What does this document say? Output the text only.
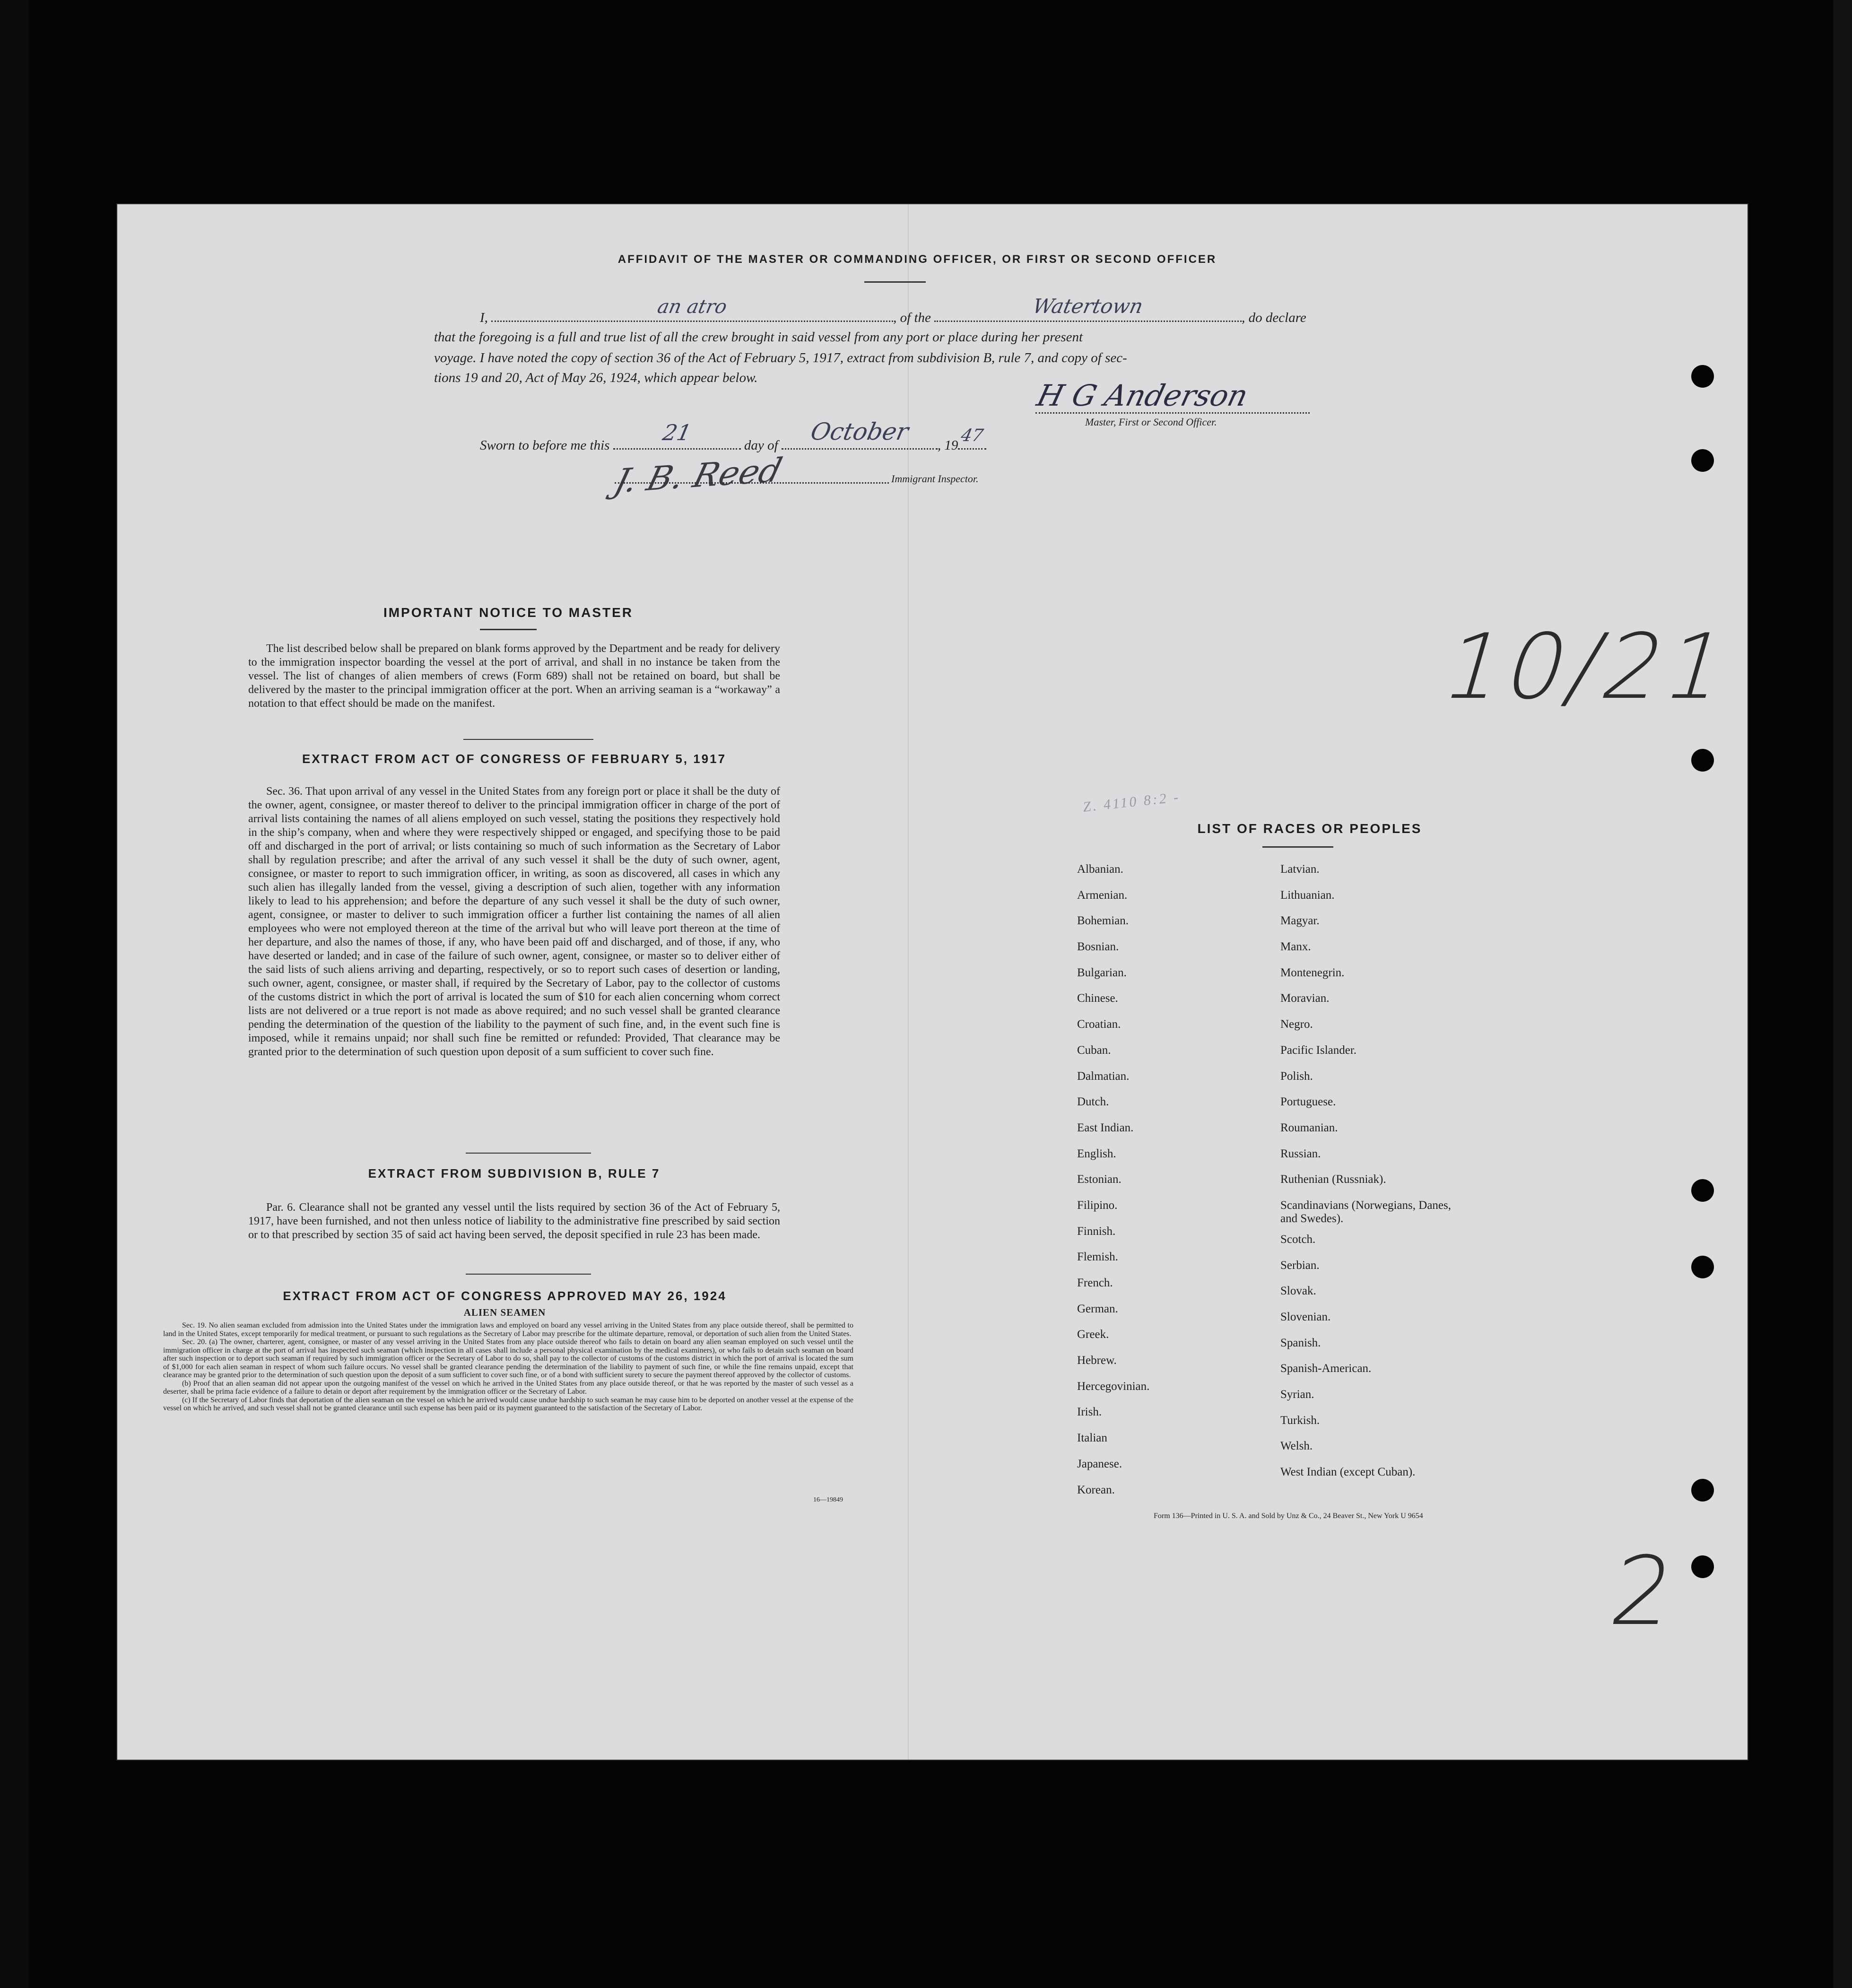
AFFIDAVIT OF THE MASTER OR COMMANDING OFFICER, OR FIRST OR SECOND OFFICER
I,	an atro	, of the	Watertown	, do declare
that the foregoing is a full and true list of all the crew brought in said vessel from any port or place during her present
voyage. I have noted the copy of section 36 of the Act of February 5, 1917, extract from subdivision B, rule 7, and copy of sec-
tions 19 and 20, Act of May 26, 1924, which appear below.
H G Anderson
Master, First or Second Officer.
Sworn to before me this	21	day of	October	, 19 47
J. B. Reed	Immigrant Inspector.
IMPORTANT NOTICE TO MASTER
The list described below shall be prepared on blank forms approved by the Department and be ready for delivery to the immigration inspector boarding the vessel at the port of arrival, and shall in no instance be taken from the vessel. The list of changes of alien members of crews (Form 689) shall not be retained on board, but shall be delivered by the master to the principal immigration officer at the port. When an arriving seaman is a “workaway” a notation to that effect should be made on the manifest.
EXTRACT FROM ACT OF CONGRESS OF FEBRUARY 5, 1917
Sec. 36. That upon arrival of any vessel in the United States from any foreign port or place it shall be the duty of the owner, agent, consignee, or master thereof to deliver to the principal immigration officer in charge of the port of arrival lists containing the names of all aliens employed on such vessel, stating the positions they respectively hold in the ship’s company, when and where they were respectively shipped or engaged, and specifying those to be paid off and discharged in the port of arrival; or lists containing so much of such information as the Secretary of Labor shall by regulation prescribe; and after the arrival of any such vessel it shall be the duty of such owner, agent, consignee, or master to report to such immigration officer, in writing, as soon as discovered, all cases in which any such alien has illegally landed from the vessel, giving a description of such alien, together with any information likely to lead to his apprehension; and before the departure of any such vessel it shall be the duty of such owner, agent, consignee, or master to deliver to such immigration officer a further list containing the names of all alien employees who were not employed thereon at the time of the arrival but who will leave port thereon at the time of her departure, and also the names of those, if any, who have been paid off and discharged, and of those, if any, who have deserted or landed; and in case of the failure of such owner, agent, consignee, or master so to deliver either of the said lists of such aliens arriving and departing, respectively, or so to report such cases of desertion or landing, such owner, agent, consignee, or master shall, if required by the Secretary of Labor, pay to the collector of customs of the customs district in which the port of arrival is located the sum of $10 for each alien concerning whom correct lists are not delivered or a true report is not made as above required; and no such vessel shall be granted clearance pending the determination of the question of the liability to the payment of such fine, and, in the event such fine is imposed, while it remains unpaid; nor shall such fine be remitted or refunded: Provided, That clearance may be granted prior to the determination of such question upon deposit of a sum sufficient to cover such fine.
EXTRACT FROM SUBDIVISION B, RULE 7
Par. 6. Clearance shall not be granted any vessel until the lists required by section 36 of the Act of February 5, 1917, have been furnished, and not then unless notice of liability to the administrative fine prescribed by said section or to that prescribed by section 35 of said act having been served, the deposit specified in rule 23 has been made.
EXTRACT FROM ACT OF CONGRESS APPROVED MAY 26, 1924
ALIEN SEAMEN

Sec. 19. No alien seaman excluded from admission into the United States under the immigration laws and employed on board any vessel arriving in the United States from any place outside thereof, shall be permitted to land in the United States, except temporarily for medical treatment, or pursuant to such regulations as the Secretary of Labor may prescribe for the ultimate departure, removal, or deportation of such alien from the United States.

Sec. 20. (a) The owner, charterer, agent, consignee, or master of any vessel arriving in the United States from any place outside thereof who fails to detain on board any alien seaman employed on such vessel until the immigration officer in charge at the port of arrival has inspected such seaman (which inspection in all cases shall include a personal physical examination by the medical examiners), or who fails to detain such seaman on board after such inspection or to deport such seaman if required by such immigration officer or the Secretary of Labor to do so, shall pay to the collector of customs of the customs district in which the port of arrival is located the sum of $1,000 for each alien seaman in respect of whom such failure occurs. No vessel shall be granted clearance pending the determination of the liability to payment of such fine, or while the fine remains unpaid, except that clearance may be granted prior to the determination of such question upon the deposit of a sum sufficient to cover such fine, or of a bond with sufficient surety to secure the payment thereof approved by the collector of customs.

(b) Proof that an alien seaman did not appear upon the outgoing manifest of the vessel on which he arrived in the United States from any place outside thereof, or that he was reported by the master of such vessel as a deserter, shall be prima facie evidence of a failure to detain or deport after requirement by the immigration officer or the Secretary of Labor.

(c) If the Secretary of Labor finds that deportation of the alien seaman on the vessel on which he arrived would cause undue hardship to such seaman he may cause him to be deported on another vessel at the expense of the vessel on which he arrived, and such vessel shall not be granted clearance until such expense has been paid or its payment guaranteed to the satisfaction of the Secretary of Labor.

16—19849
Z. 4110 8:2 -
LIST OF RACES OR PEOPLES
Albanian.
Armenian.
Bohemian.
Bosnian.
Bulgarian.
Chinese.
Croatian.
Cuban.
Dalmatian.
Dutch.
East Indian.
English.
Estonian.
Filipino.
Finnish.
Flemish.
French.
German.
Greek.
Hebrew.
Hercegovinian.
Irish.
Italian
Japanese.
Korean.
Latvian.
Lithuanian.
Magyar.
Manx.
Montenegrin.
Moravian.
Negro.
Pacific Islander.
Polish.
Portuguese.
Roumanian.
Russian.
Ruthenian (Russniak).
Scandinavians (Norwegians, Danes, and Swedes).
Scotch.
Serbian.
Slovak.
Slovenian.
Spanish.
Spanish-American.
Syrian.
Turkish.
Welsh.
West Indian (except Cuban).
Form 136—Printed in U. S. A. and Sold by Unz & Co., 24 Beaver St., New York U 9654
10/21
2
